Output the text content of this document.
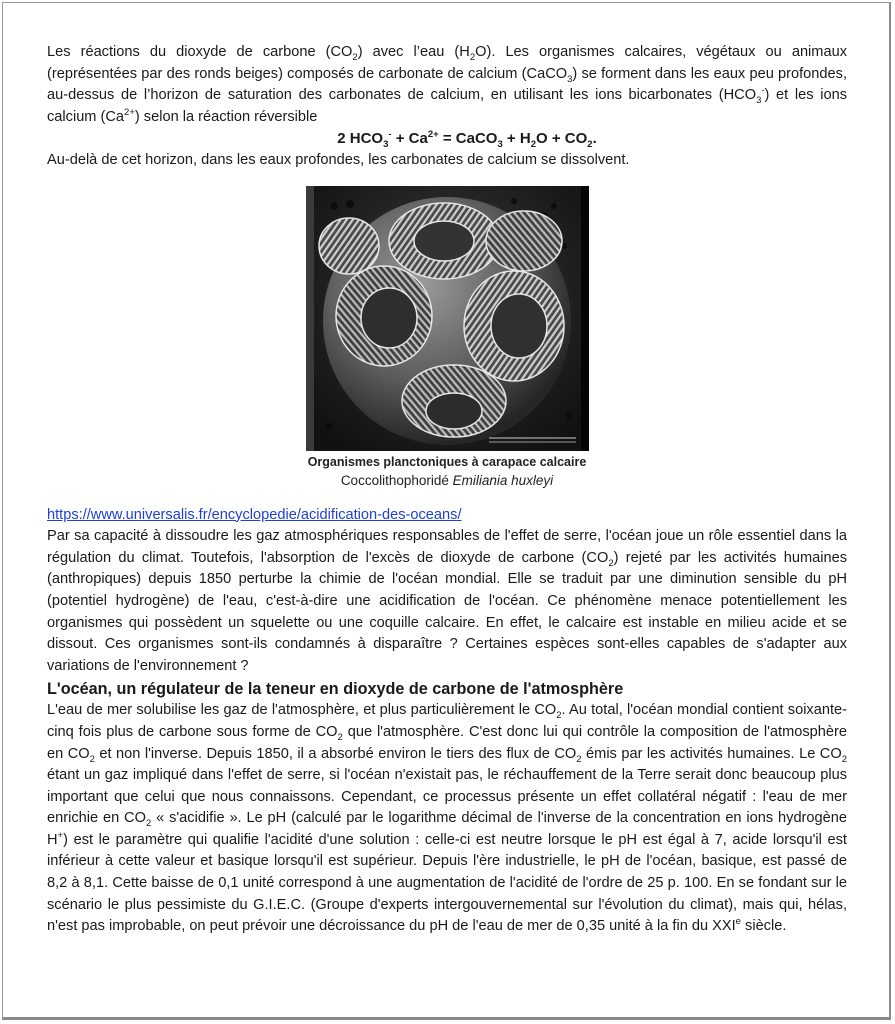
Les réactions du dioxyde de carbone $(CO_2)$ avec l’eau $(H_2O)$. Les organismes calcaires, végétaux ou animaux (représentées par des ronds beiges) composés de carbonate de calcium (CaCO$_3$) se forment dans les eaux peu profondes, au-dessus de l’horizon de saturation des carbonates de calcium, en utilisant les ions bicarbonates $(HCO_3^-)$ et les ions calcium $(Ca^{2+})$ selon la réaction réversible

2 $HCO_3^- + Ca^{2+}$ = CaCO$_3$ + $H_2O + CO_2$.

Au-delà de cet horizon, dans les eaux profondes, les carbonates de calcium se dissolvent.

Organismes planctoniques à carapace calcaire
Coccolithophoridé Emiliania huxleyi
https://www.universalis.fr/encyclopedie/acidification-des-oceans/

Par sa capacité à dissoudre les gaz atmosphériques responsables de l'effet de serre, l'océan joue un rôle essentiel dans la régulation du climat. Toutefois, l'absorption de l'excès de dioxyde de carbone $(CO_2)$ rejeté par les activités humaines (anthropiques) depuis 1850 perturbe la chimie de l'océan mondial. Elle se traduit par une diminution sensible du pH (potentiel hydrogène) de l'eau, c'est-à-dire une acidification de l'océan. Ce phénomène menace potentiellement les organismes qui possèdent un squelette ou une coquille calcaire. En effet, le calcaire est instable en milieu acide et se dissout. Ces organismes sont-ils condamnés à disparaître ? Certaines espèces sont-elles capables de s'adapter aux variations de l'environnement ?

L'océan, un régulateur de la teneur en dioxyde de carbone de l'atmosphère

L'eau de mer solubilise les gaz de l'atmosphère, et plus particulièrement le $CO_2$. Au total, l'océan mondial contient soixante-cinq fois plus de carbone sous forme de $CO_2$ que l'atmosphère. C'est donc lui qui contrôle la composition de l'atmosphère en $CO_2$ et non l'inverse. Depuis 1850, il a absorbé environ le tiers des flux de $CO_2$ émis par les activités humaines. Le $CO_2$ étant un gaz impliqué dans l'effet de serre, si l'océan n'existait pas, le réchauffement de la Terre serait donc beaucoup plus important que celui que nous connaissons. Cependant, ce processus présente un effet collatéral négatif : l'eau de mer enrichie en $CO_2$ « s'acidifie ». Le pH (calculé par le logarithme décimal de l'inverse de la concentration en ions hydrogène H+) est le paramètre qui qualifie l'acidité d'une solution : celle-ci est neutre lorsque le pH est égal à 7, acide lorsqu'il est inférieur à cette valeur et basique lorsqu'il est supérieur. Depuis l'ère industrielle, le pH de l'océan, basique, est passé de 8,2 à 8,1. Cette baisse de 0,1 unité correspond à une augmentation de l'acidité de l'ordre de 25 p. 100. En se fondant sur le scénario le plus pessimiste du G.I.E.C. (Groupe d'experts intergouvernemental sur l'évolution du climat), mais qui, hélas, n'est pas improbable, on peut prévoir une décroissance du pH de l'eau de mer de 0,35 unité à la fin du XXIe siècle.
